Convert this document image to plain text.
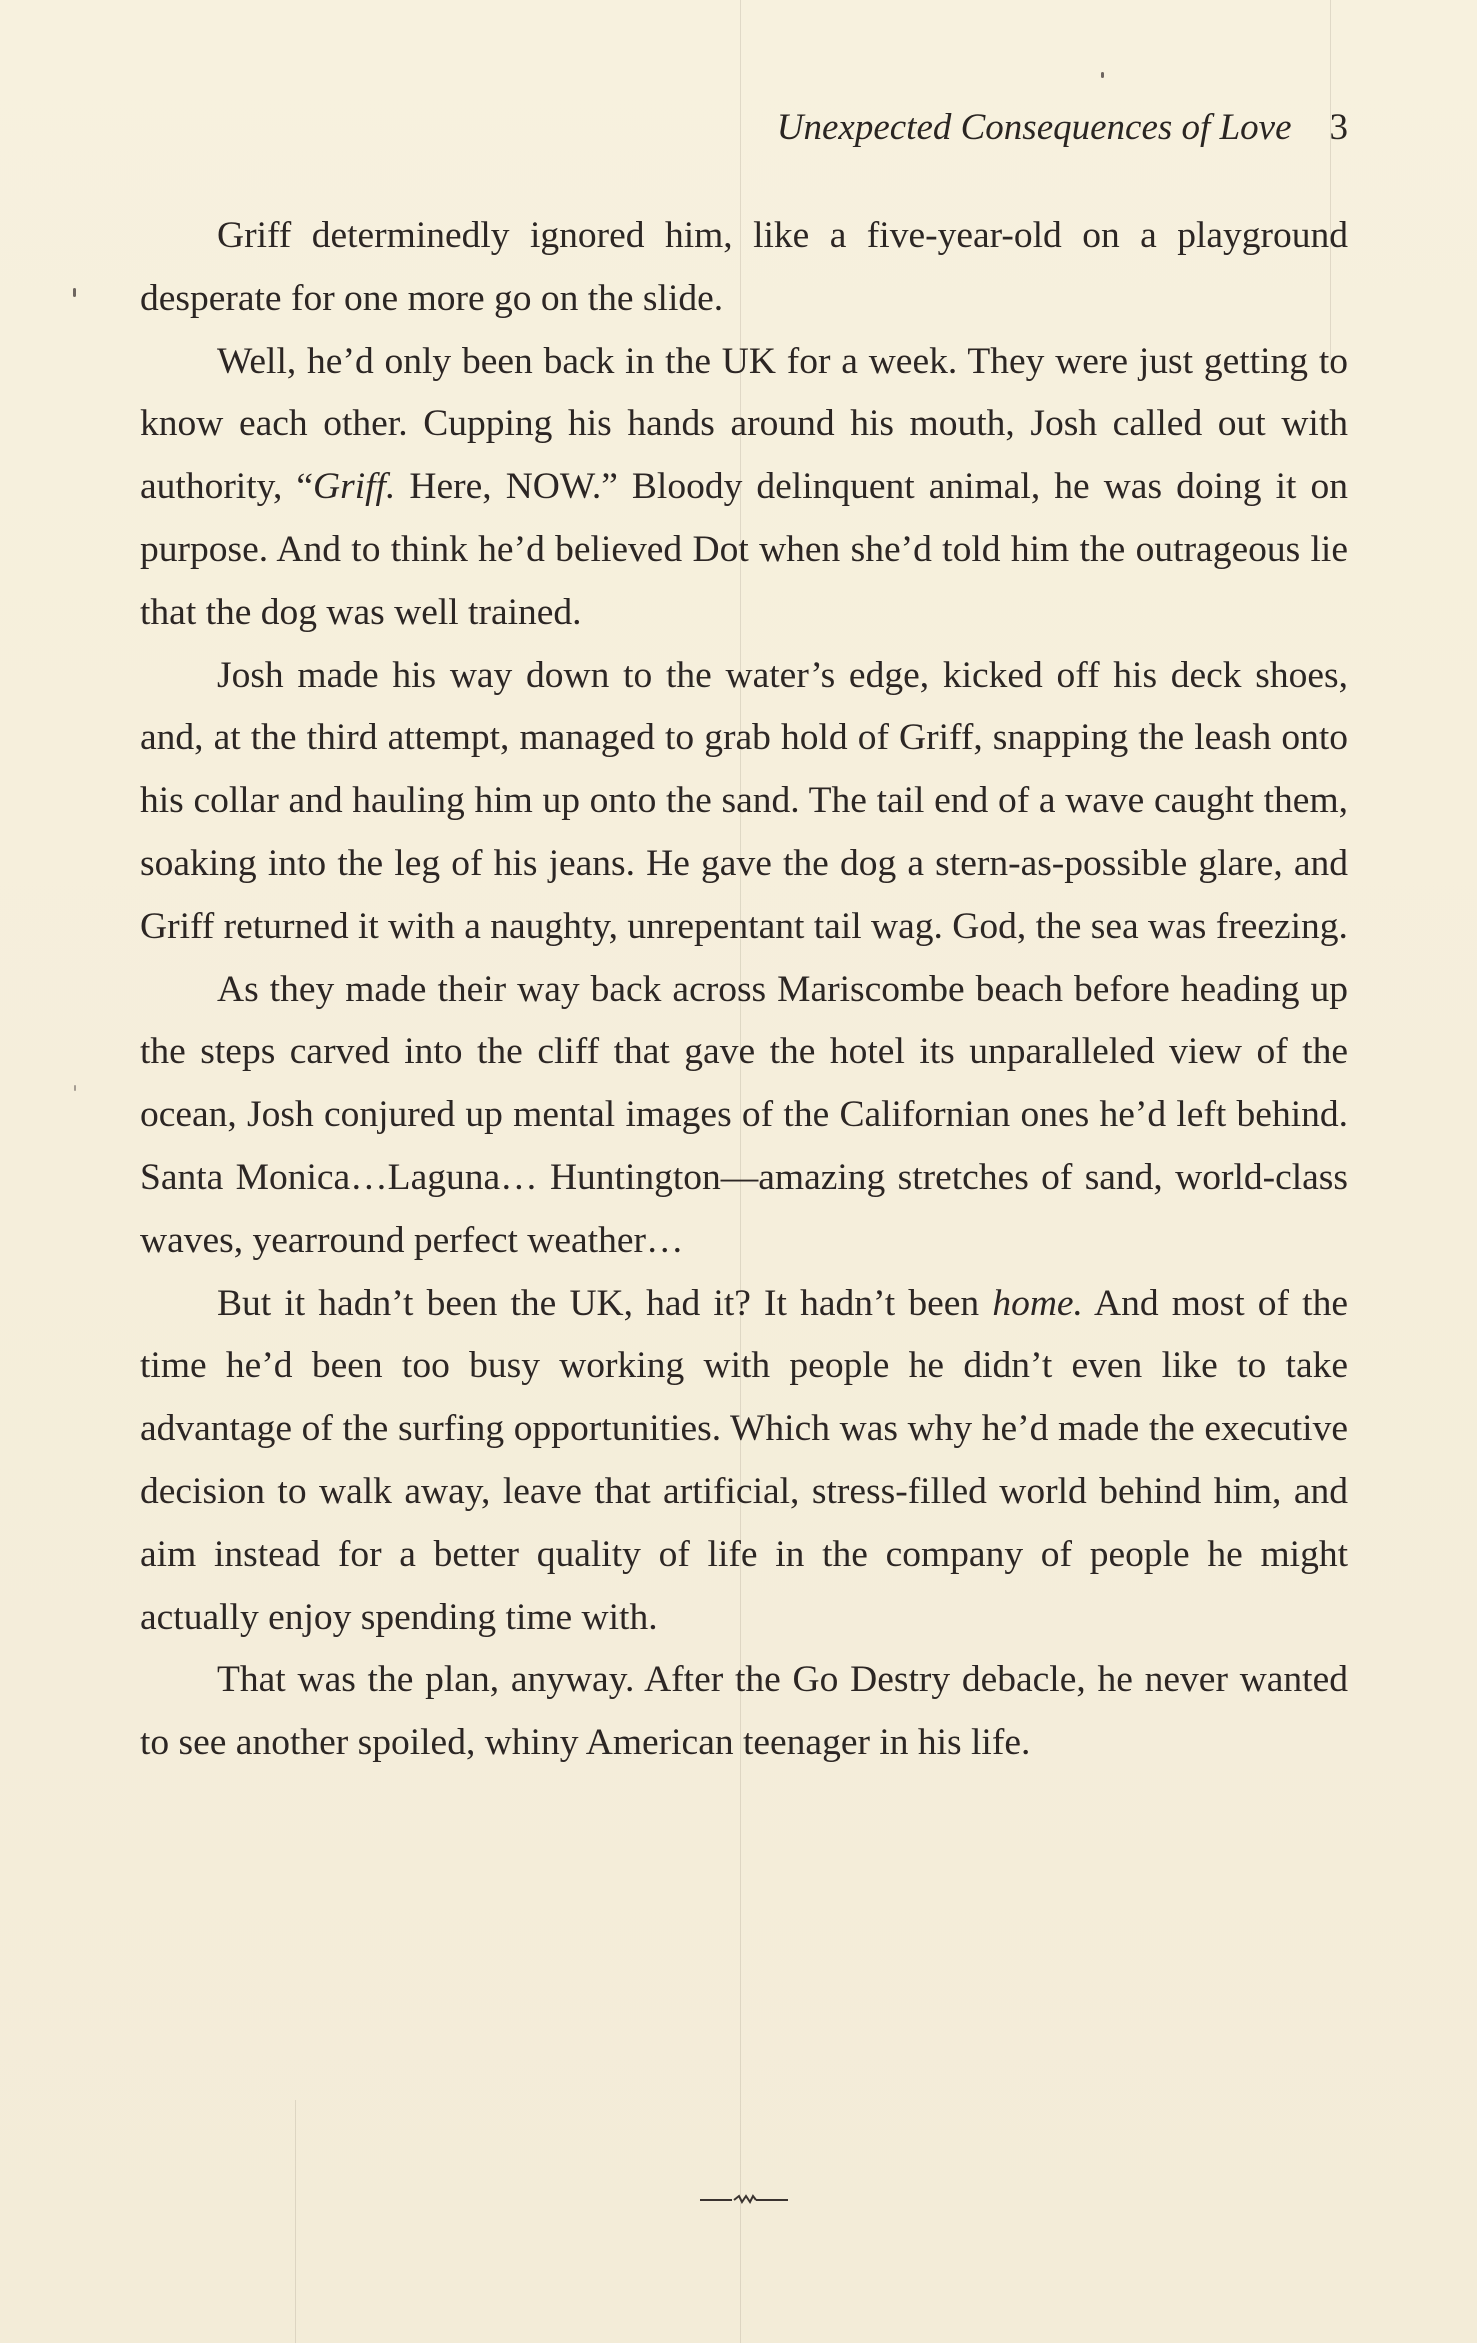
Unexpected Consequences of Love 3

Griff determinedly ignored him, like a five-year-old on a playground desperate for one more go on the slide.

Well, he’d only been back in the UK for a week. They were just getting to know each other. Cupping his hands around his mouth, Josh called out with authority, “Griff. Here, NOW.” Bloody delinquent animal, he was doing it on purpose. And to think he’d believed Dot when she’d told him the outrageous lie that the dog was well trained.

Josh made his way down to the water’s edge, kicked off his deck shoes, and, at the third attempt, managed to grab hold of Griff, snapping the leash onto his collar and hauling him up onto the sand. The tail end of a wave caught them, soaking into the leg of his jeans. He gave the dog a stern-as-possible glare, and Griff returned it with a naughty, unrepentant tail wag. God, the sea was freezing.

As they made their way back across Mariscombe beach before heading up the steps carved into the cliff that gave the hotel its unparalleled view of the ocean, Josh conjured up mental images of the Californian ones he’d left behind. Santa Monica…Laguna… Huntington—amazing stretches of sand, world-class waves, yearround perfect weather…

But it hadn’t been the UK, had it? It hadn’t been home. And most of the time he’d been too busy working with people he didn’t even like to take advantage of the surfing opportunities. Which was why he’d made the executive decision to walk away, leave that artificial, stress-filled world behind him, and aim instead for a better quality of life in the company of people he might actually enjoy spending time with.

That was the plan, anyway. After the Go Destry debacle, he never wanted to see another spoiled, whiny American teenager in his life.
